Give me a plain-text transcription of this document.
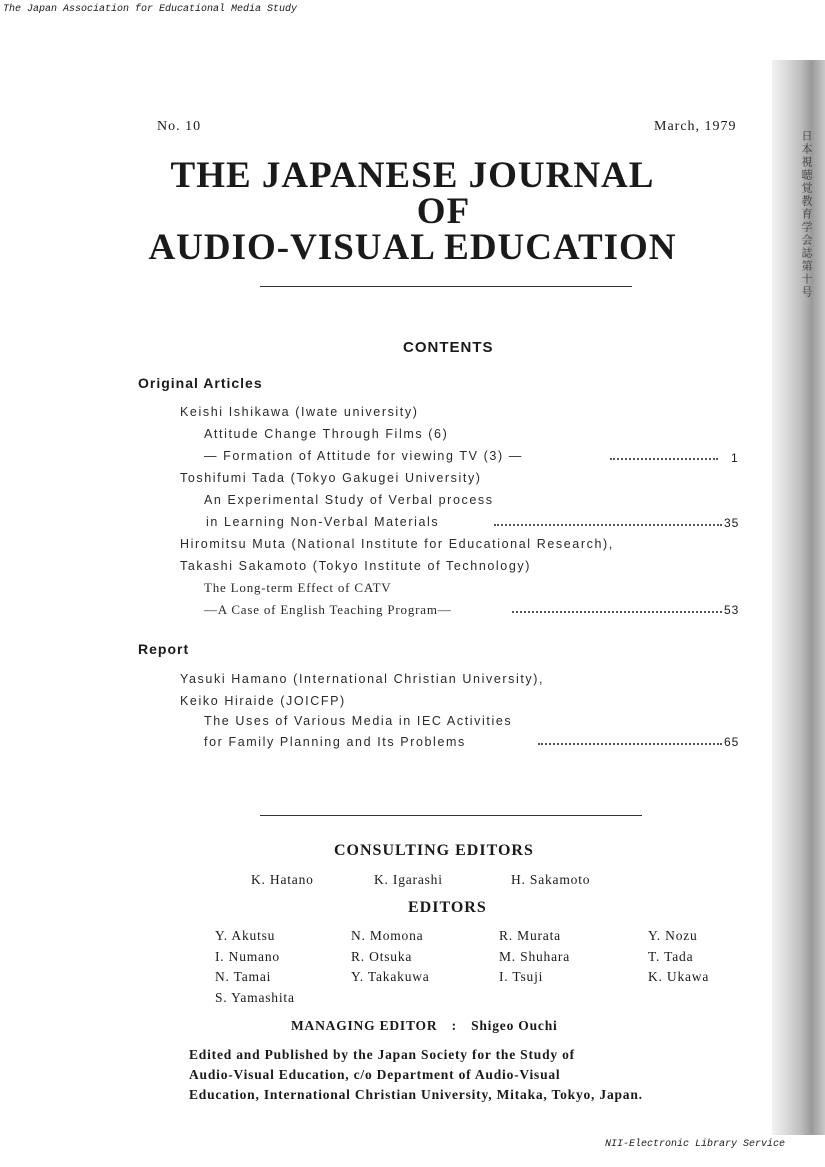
The Japan Association for Educational Media Study
NII-Electronic Library Service
日本視聴覚教育学会誌第十号
No. 10	March, 1979
THE JAPANESE JOURNAL
OF
AUDIO-VISUAL EDUCATION
CONTENTS
Original Articles
Keishi Ishikawa (Iwate university)
Attitude Change Through Films (6)
— Formation of Attitude for viewing TV (3) —	1
Toshifumi Tada (Tokyo Gakugei University)
An Experimental Study of Verbal process
in Learning Non-Verbal Materials	35
Hiromitsu Muta (National Institute for Educational Research),
Takashi Sakamoto (Tokyo Institute of Technology)
The Long-term Effect of CATV
—A Case of English Teaching Program—	53
Report
Yasuki Hamano (International Christian University),
Keiko Hiraide (JOICFP)
The Uses of Various Media in IEC Activities
for Family Planning and Its Problems	65
CONSULTING EDITORS
K. Hatano	K. Igarashi	H. Sakamoto
EDITORS
Y. Akutsu	N. Momona	R. Murata	Y. Nozu
I. Numano	R. Otsuka	M. Shuhara	T. Tada
N. Tamai	Y. Takakuwa	I. Tsuji	K. Ukawa
S. Yamashita
MANAGING EDITOR : Shigeo Ouchi
Edited and Published by the Japan Society for the Study of
Audio-Visual Education, c/o Department of Audio-Visual
Education, International Christian University, Mitaka, Tokyo, Japan.
